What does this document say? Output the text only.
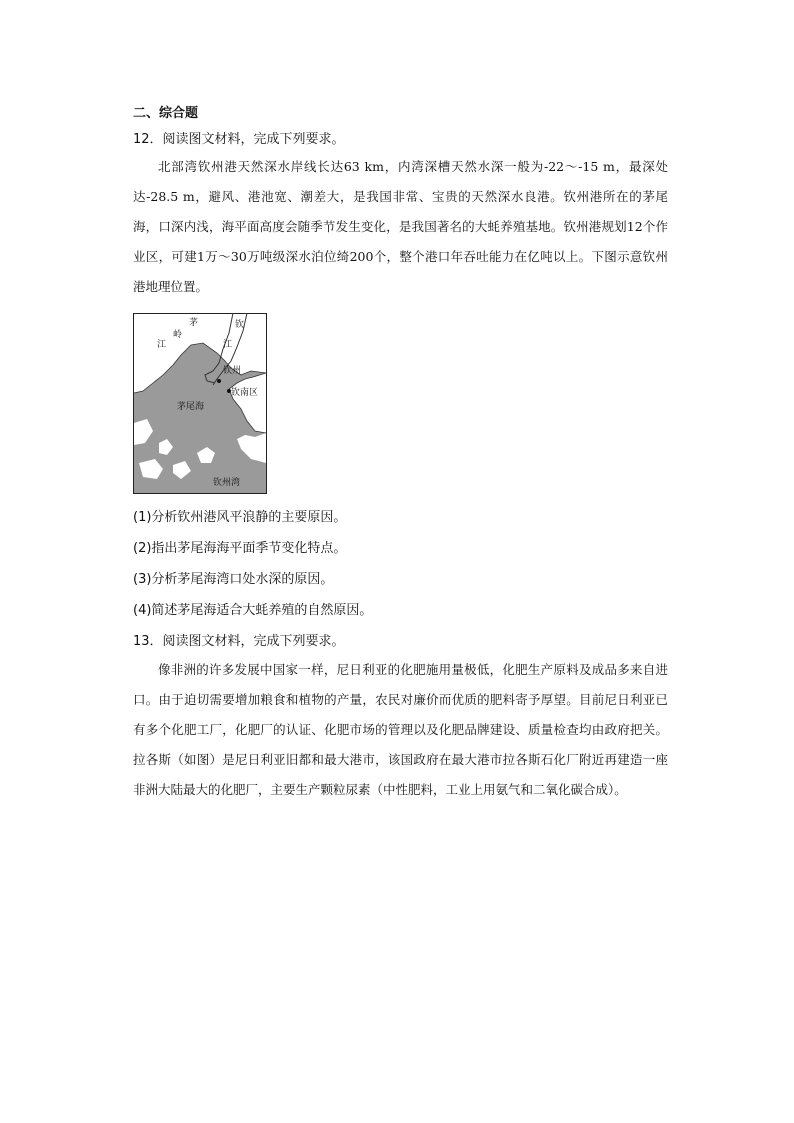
二、综合题
12．阅读图文材料，完成下列要求。

北部湾钦州港天然深水岸线长达63 km，内湾深槽天然水深一般为-22～-15 m，最深处达-28.5 m，避风、港池宽、潮差大，是我国非常、宝贵的天然深水良港。钦州港所在的茅尾海，口深内浅，海平面高度会随季节发生变化，是我国著名的大蚝养殖基地。钦州港规划12个作业区，可建1万～30万吨级深水泊位绮200个，整个港口年吞吐能力在亿吨以上。下图示意钦州港地理位置。

茅
岭
江
钦
江
钦州
钦南区
茅尾海
钦州湾
(1)分析钦州港风平浪静的主要原因。
(2)指出茅尾海海平面季节变化特点。
(3)分析茅尾海湾口处水深的原因。
(4)简述茅尾海适合大蚝养殖的自然原因。
13．阅读图文材料，完成下列要求。

像非洲的许多发展中国家一样，尼日利亚的化肥施用量极低，化肥生产原料及成品多来自进口。由于迫切需要增加粮食和植物的产量，农民对廉价而优质的肥料寄予厚望。目前尼日利亚已有多个化肥工厂，化肥厂的认证、化肥市场的管理以及化肥品牌建设、质量检查均由政府把关。拉各斯（如图）是尼日利亚旧都和最大港市，该国政府在最大港市拉各斯石化厂附近再建造一座非洲大陆最大的化肥厂，主要生产颗粒尿素（中性肥料，工业上用氨气和二氧化碳合成）。
